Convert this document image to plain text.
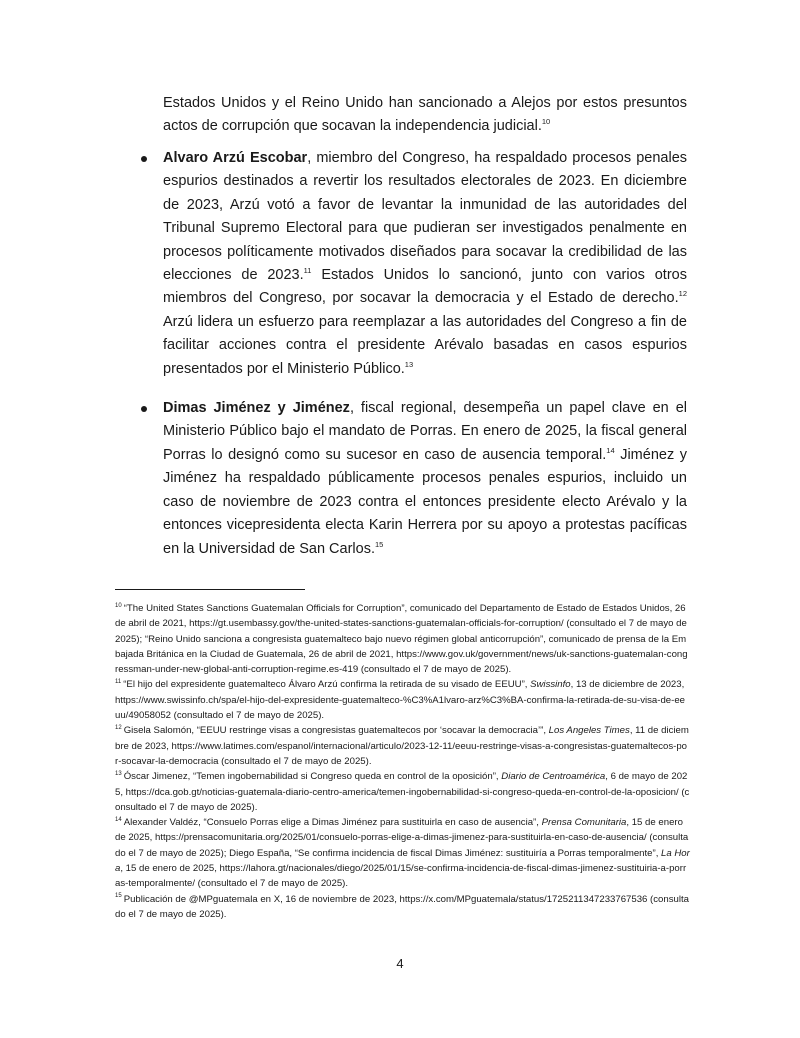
Estados Unidos y el Reino Unido han sancionado a Alejos por estos presuntos actos de corrupción que socavan la independencia judicial.$^{10}$

Alvaro Arzú Escobar, miembro del Congreso, ha respaldado procesos penales espurios destinados a revertir los resultados electorales de 2023. En diciembre de 2023, Arzú votó a favor de levantar la inmunidad de las autoridades del Tribunal Supremo Electoral para que pudieran ser investigados penalmente en procesos políticamente motivados diseñados para socavar la credibilidad de las elecciones de 2023.11 Estados Unidos lo sancionó, junto con varios otros miembros del Congreso, por socavar la democracia y el Estado de derecho.$^{12}$ Arzú lidera un esfuerzo para reemplazar a las autoridades del Congreso a fin de facilitar acciones contra el presidente Arévalo basadas en casos espurios presentados por el Ministerio Público.$^{13}$
Dimas Jiménez y Jiménez, fiscal regional, desempeña un papel clave en el Ministerio Público bajo el mandato de Porras. En enero de 2025, la fiscal general Porras lo designó como su sucesor en caso de ausencia temporal.$^{14}$ Jiménez y Jiménez ha respaldado públicamente procesos penales espurios, incluido un caso de noviembre de 2023 contra el entonces presidente electo Arévalo y la entonces vicepresidenta electa Karin Herrera por su apoyo a protestas pacíficas en la Universidad de San Carlos.$^{15}$
$^{10}$ “The United States Sanctions Guatemalan Officials for Corruption”, comunicado del Departamento de Estado de Estados Unidos, 26 de abril de 2021, https://gt.usembassy.gov/the-united-states-sanctions-guatemalan-officials-for-corruption/ (consultado el 7 de mayo de 2025); “Reino Unido sanciona a congresista guatemalteco bajo nuevo régimen global anticorrupción”, comunicado de prensa de la Embajada Británica en la Ciudad de Guatemala, 26 de abril de 2021, https://www.gov.uk/government/news/uk-sanctions-guatemalan-congressman-under-new-global-anti-corruption-regime.es-419 (consultado el 7 de mayo de 2025).
$^{11}$ “El hijo del expresidente guatemalteco Álvaro Arzú confirma la retirada de su visado de EEUU”, Swissinfo, 13 de diciembre de 2023, https://www.swissinfo.ch/spa/el-hijo-del-expresidente-guatemalteco-%C3%A1lvaro-arz%C3%BA-confirma-la-retirada-de-su-visa-de-eeuu/49058052 (consultado el 7 de mayo de 2025).
$^{12}$ Gisela Salomón, “EEUU restringe visas a congresistas guatemaltecos por ‘socavar la democracia’”, Los Angeles Times, 11 de diciembre de 2023, https://www.latimes.com/espanol/internacional/articulo/2023-12-11/eeuu-restringe-visas-a-congresistas-guatemaltecos-por-socavar-la-democracia (consultado el 7 de mayo de 2025).
$^{13}$ Óscar Jimenez, “Temen ingobernabilidad si Congreso queda en control de la oposición”, Diario de Centroamérica, 6 de mayo de 2025, https://dca.gob.gt/noticias-guatemala-diario-centro-america/temen-ingobernabilidad-si-congreso-queda-en-control-de-la-oposicion/ (consultado el 7 de mayo de 2025).
$^{14}$ Alexander Valdéz, “Consuelo Porras elige a Dimas Jiménez para sustituirla en caso de ausencia”, Prensa Comunitaria, 15 de enero de 2025, https://prensacomunitaria.org/2025/01/consuelo-porras-elige-a-dimas-jimenez-para-sustituirla-en-caso-de-ausencia/ (consultado el 7 de mayo de 2025); Diego España, “Se confirma incidencia de fiscal Dimas Jiménez: sustituiría a Porras temporalmente”, La Hora, 15 de enero de 2025, https://lahora.gt/nacionales/diego/2025/01/15/se-confirma-incidencia-de-fiscal-dimas-jimenez-sustituiria-a-porras-temporalmente/ (consultado el 7 de mayo de 2025).
$^{15}$ Publicación de @MPguatemala en X, 16 de noviembre de 2023, https://x.com/MPguatemala/status/1725211347233767536 (consultado el 7 de mayo de 2025).

4
